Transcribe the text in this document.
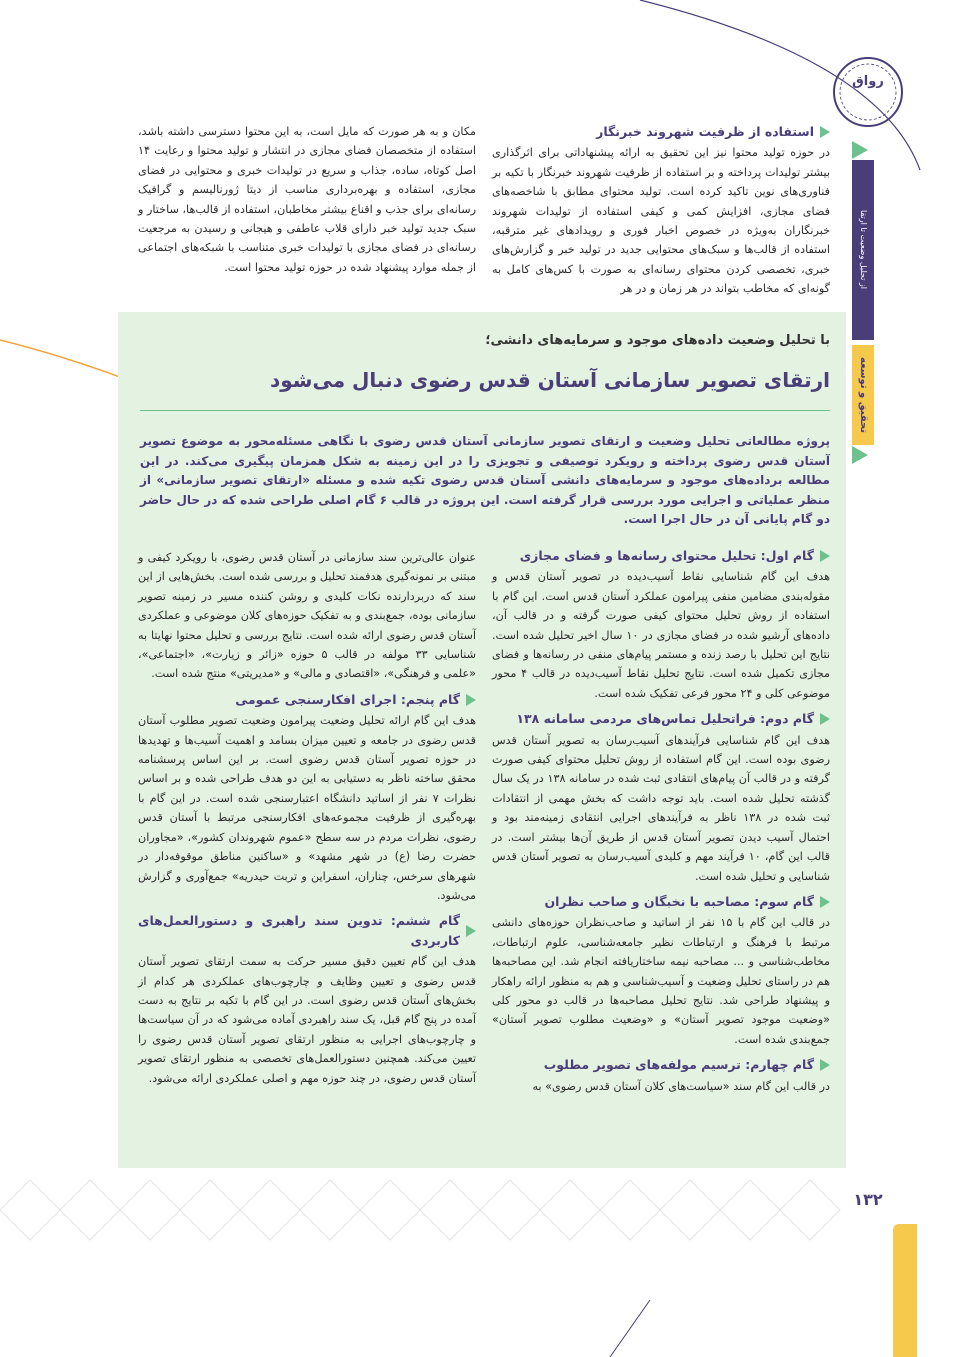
رواق
از تحلیل وضعیت تا ارتقا
تحقیق و توسعه
استفاده از ظرفیت شهروند خبرنگار

در حوزه تولید محتوا نیز این تحقیق به ارائه پیشنهاداتی برای اثرگذاری بیشتر تولیدات پرداخته و بر استفاده از ظرفیت شهروند خبرنگار با تکیه بر فناوری‌های نوین تاکید کرده است. تولید محتوای مطابق با شاخصه‌های فضای مجازی، افزایش کمی و کیفی استفاده از تولیدات شهروند خبرنگاران به‌ویژه در خصوص اخبار فوری و رویدادهای غیر مترقبه، استفاده از قالب‌ها و سبک‌های محتوایی جدید در تولید خبر و گزارش‌های خبری، تخصصی کردن محتوای رسانه‌ای به صورت با کس‌های کامل به گونه‌ای که مخاطب بتواند در هر زمان و در هر

مکان و به هر صورت که مایل است، به این محتوا دسترسی داشته باشد، استفاده از متخصصان فضای مجازی در انتشار و تولید محتوا و رعایت ۱۴ اصل کوتاه، ساده، جذاب و سریع در تولیدات خبری و محتوایی در فضای مجازی، استفاده و بهره‌برداری مناسب از دیتا ژورنالیسم و گرافیک رسانه‌ای برای جذب و اقناع بیشتر مخاطبان، استفاده از قالب‌ها، ساختار و سبک جدید تولید خبر دارای قلاب عاطفی و هیجانی و رسیدن به مرجعیت رسانه‌ای در فضای مجازی با تولیدات خبری متناسب با شبکه‌های اجتماعی از جمله موارد پیشنهاد شده در حوزه تولید محتوا است.

با تحلیل وضعیت داده‌های موجود و سرمایه‌های دانشی؛
ارتقای تصویر سازمانی آستان قدس رضوی دنبال می‌شود
پروژه مطالعاتی تحلیل وضعیت و ارتقای تصویر سازمانی آستان قدس رضوی با نگاهی مسئله‌محور به موضوع تصویر آستان قدس رضوی پرداخته و رویکرد توصیفی و تجویزی را در این زمینه به شکل همزمان پیگیری می‌کند. در این مطالعه برداده‌های موجود و سرمایه‌های دانشی آستان قدس رضوی تکیه شده و مسئله «ارتقای تصویر سازمانی» از منظر عملیاتی و اجرایی مورد بررسی قرار گرفته است. این پروژه در قالب ۶ گام اصلی طراحی شده که در حال حاضر دو گام پایانی آن در حال اجرا است.
گام اول: تحلیل محتوای رسانه‌ها و فضای مجازی

هدف این گام شناسایی نقاط آسیب‌دیده در تصویر آستان قدس و مقوله‌بندی مضامین منفی پیرامون عملکرد آستان قدس است. این گام با استفاده از روش تحلیل محتوای کیفی صورت گرفته و در قالب آن، داده‌های آرشیو شده در فضای مجازی در ۱۰ سال اخیر تحلیل شده است. نتایج این تحلیل با رصد زنده و مستمر پیام‌های منفی در رسانه‌ها و فضای مجازی تکمیل شده است. نتایج تحلیل نقاط آسیب‌دیده در قالب ۴ محور موضوعی کلی و ۲۴ محور فرعی تفکیک شده است.

گام دوم: فراتحلیل تماس‌های مردمی سامانه ۱۳۸

هدف این گام شناسایی فرآیندهای آسیب‌رسان به تصویر آستان قدس رضوی بوده است. این گام استفاده از روش تحلیل محتوای کیفی صورت گرفته و در قالب آن پیام‌های انتقادی ثبت شده در سامانه ۱۳۸ در یک سال گذشته تحلیل شده است. باید توجه داشت که بخش مهمی از انتقادات ثبت شده در ۱۳۸ ناظر به فرآیندهای اجرایی انتقادی زمینه‌مند بود و احتمال آسیب دیدن تصویر آستان قدس از طریق آن‌ها بیشتر است. در قالب این گام، ۱۰ فرآیند مهم و کلیدی آسیب‌رسان به تصویر آستان قدس شناسایی و تحلیل شده است.

گام سوم: مصاحبه با نخبگان و صاحب نظران

در قالب این گام با ۱۵ نفر از اساتید و صاحب‌نظران حوزه‌های دانشی مرتبط با فرهنگ و ارتباطات نظیر جامعه‌شناسی، علوم ارتباطات، مخاطب‌شناسی و ... مصاحبه نیمه ساختاریافته انجام شد. این مصاحبه‌ها هم در راستای تحلیل وضعیت و آسیب‌شناسی و هم به منظور ارائه راهکار و پیشنهاد طراحی شد. نتایج تحلیل مصاحبه‌ها در قالب دو محور کلی «وضعیت موجود تصویر آستان» و «وضعیت مطلوب تصویر آستان» جمع‌بندی شده است.

گام چهارم: ترسیم مولفه‌های تصویر مطلوب

در قالب این گام سند «سیاست‌های کلان آستان قدس رضوی» به

عنوان عالی‌ترین سند سازمانی در آستان قدس رضوی، با رویکرد کیفی و مبتنی بر نمونه‌گیری هدفمند تحلیل و بررسی شده است. بخش‌هایی از این سند که دربردارنده نکات کلیدی و روشن کننده مسیر در زمینه تصویر سازمانی بوده، جمع‌بندی و به تفکیک حوزه‌های کلان موضوعی و عملکردی آستان قدس رضوی ارائه شده است. نتایج بررسی و تحلیل محتوا نهایتا به شناسایی ۳۳ مولفه در قالب ۵ حوزه «زائر و زیارت»، «اجتماعی»، «علمی و فرهنگی»، «اقتصادی و مالی» و «مدیریتی» منتج شده است.

گام پنجم: اجرای افکارسنجی عمومی

هدف این گام ارائه تحلیل وضعیت پیرامون وضعیت تصویر مطلوب آستان قدس رضوی در جامعه و تعیین میزان بسامد و اهمیت آسیب‌ها و تهدیدها در حوزه تصویر آستان قدس رضوی است. بر این اساس پرسشنامه محقق ساخته ناظر به دستیابی به این دو هدف طراحی شده و بر اساس نظرات ۷ نفر از اساتید دانشگاه اعتبارسنجی شده است. در این گام با بهره‌گیری از ظرفیت مجموعه‌های افکارسنجی مرتبط با آستان قدس رضوی، نظرات مردم در سه سطح «عموم شهروندان کشور»، «مجاوران حضرت رضا (ع) در شهر مشهد» و «ساکنین مناطق موقوفه‌دار در شهرهای سرخس، چناران، اسفراین و تربت حیدریه» جمع‌آوری و گزارش می‌شود.

گام ششم: تدوین سند راهبری و دستورالعمل‌های کاربردی

هدف این گام تعیین دقیق مسیر حرکت به سمت ارتقای تصویر آستان قدس رضوی و تعیین وظایف و چارچوب‌های عملکردی هر کدام از بخش‌های آستان قدس رضوی است. در این گام با تکیه بر نتایج به دست آمده در پنج گام قبل، یک سند راهبردی آماده می‌شود که در آن سیاست‌ها و چارچوب‌های اجرایی به منظور ارتقای تصویر آستان قدس رضوی را تعیین می‌کند. همچنین دستورالعمل‌های تخصصی به منظور ارتقای تصویر آستان قدس رضوی، در چند حوزه مهم و اصلی عملکردی ارائه می‌شود.

۱۳۲
